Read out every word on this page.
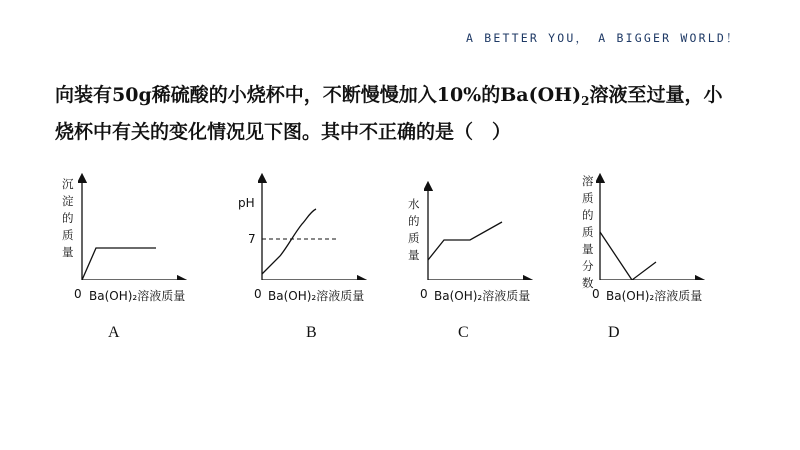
A BETTER YOU， A BIGGER WORLD！
向装有50g稀硫酸的小烧杯中，不断慢慢加入10%的$Ba(OH)_2$溶液至过量，小
烧杯中有关的变化情况见下图。其中不正确的是（　）
沉淀的质量
0 Ba(OH)₂溶液质量
A
pH
7
0 Ba(OH)₂溶液质量
B
水的质量
0 Ba(OH)₂溶液质量
C
溶质的质量分数
0 Ba(OH)₂溶液质量
D
